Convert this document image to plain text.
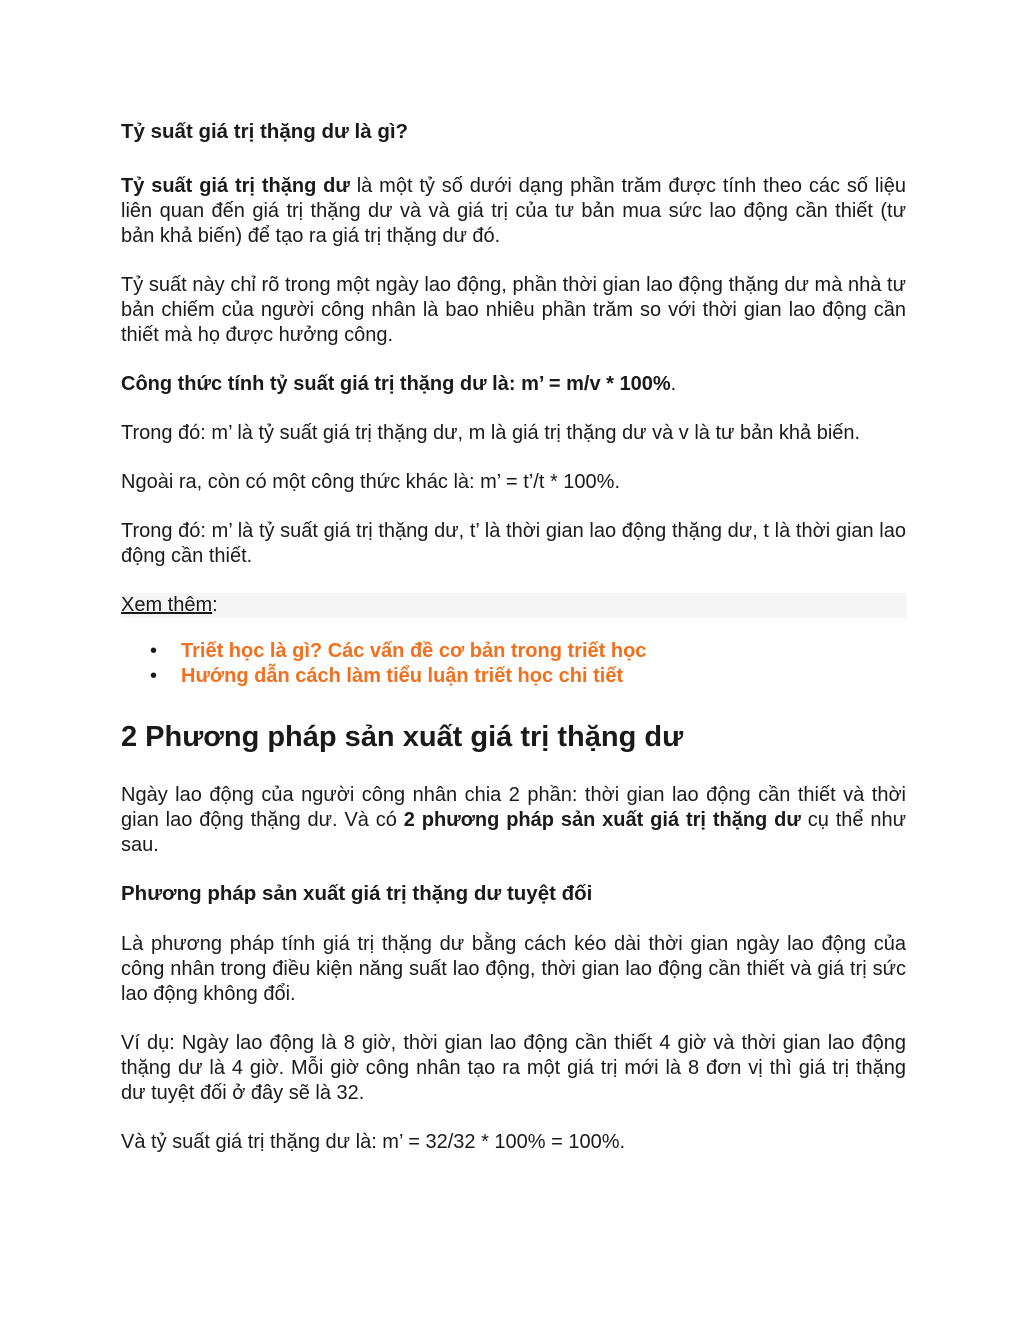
Tỷ suất giá trị thặng dư là gì?

Tỷ suất giá trị thặng dư là một tỷ số dưới dạng phần trăm được tính theo các số liệu liên quan đến giá trị thặng dư và và giá trị của tư bản mua sức lao động cần thiết (tư bản khả biến) để tạo ra giá trị thặng dư đó.

Tỷ suất này chỉ rõ trong một ngày lao động, phần thời gian lao động thặng dư mà nhà tư bản chiếm của người công nhân là bao nhiêu phần trăm so với thời gian lao động cần thiết mà họ được hưởng công.

Công thức tính tỷ suất giá trị thặng dư là: m’ = m/v * 100%.

Trong đó: m’ là tỷ suất giá trị thặng dư, m là giá trị thặng dư và v là tư bản khả biến.

Ngoài ra, còn có một công thức khác là: m’ = t’/t * 100%.

Trong đó: m’ là tỷ suất giá trị thặng dư, t’ là thời gian lao động thặng dư, t là thời gian lao động cần thiết.

Xem thêm:

• Triết học là gì? Các vấn đề cơ bản trong triết học
• Hướng dẫn cách làm tiểu luận triết học chi tiết
2 Phương pháp sản xuất giá trị thặng dư

Ngày lao động của người công nhân chia 2 phần: thời gian lao động cần thiết và thời gian lao động thặng dư. Và có 2 phương pháp sản xuất giá trị thặng dư cụ thể như sau.

Phương pháp sản xuất giá trị thặng dư tuyệt đối

Là phương pháp tính giá trị thặng dư bằng cách kéo dài thời gian ngày lao động của công nhân trong điều kiện năng suất lao động, thời gian lao động cần thiết và giá trị sức lao động không đổi.

Ví dụ: Ngày lao động là 8 giờ, thời gian lao động cần thiết 4 giờ và thời gian lao động thặng dư là 4 giờ. Mỗi giờ công nhân tạo ra một giá trị mới là 8 đơn vị thì giá trị thặng dư tuyệt đối ở đây sẽ là 32.

Và tỷ suất giá trị thặng dư là: m’ = 32/32 * 100% = 100%.
